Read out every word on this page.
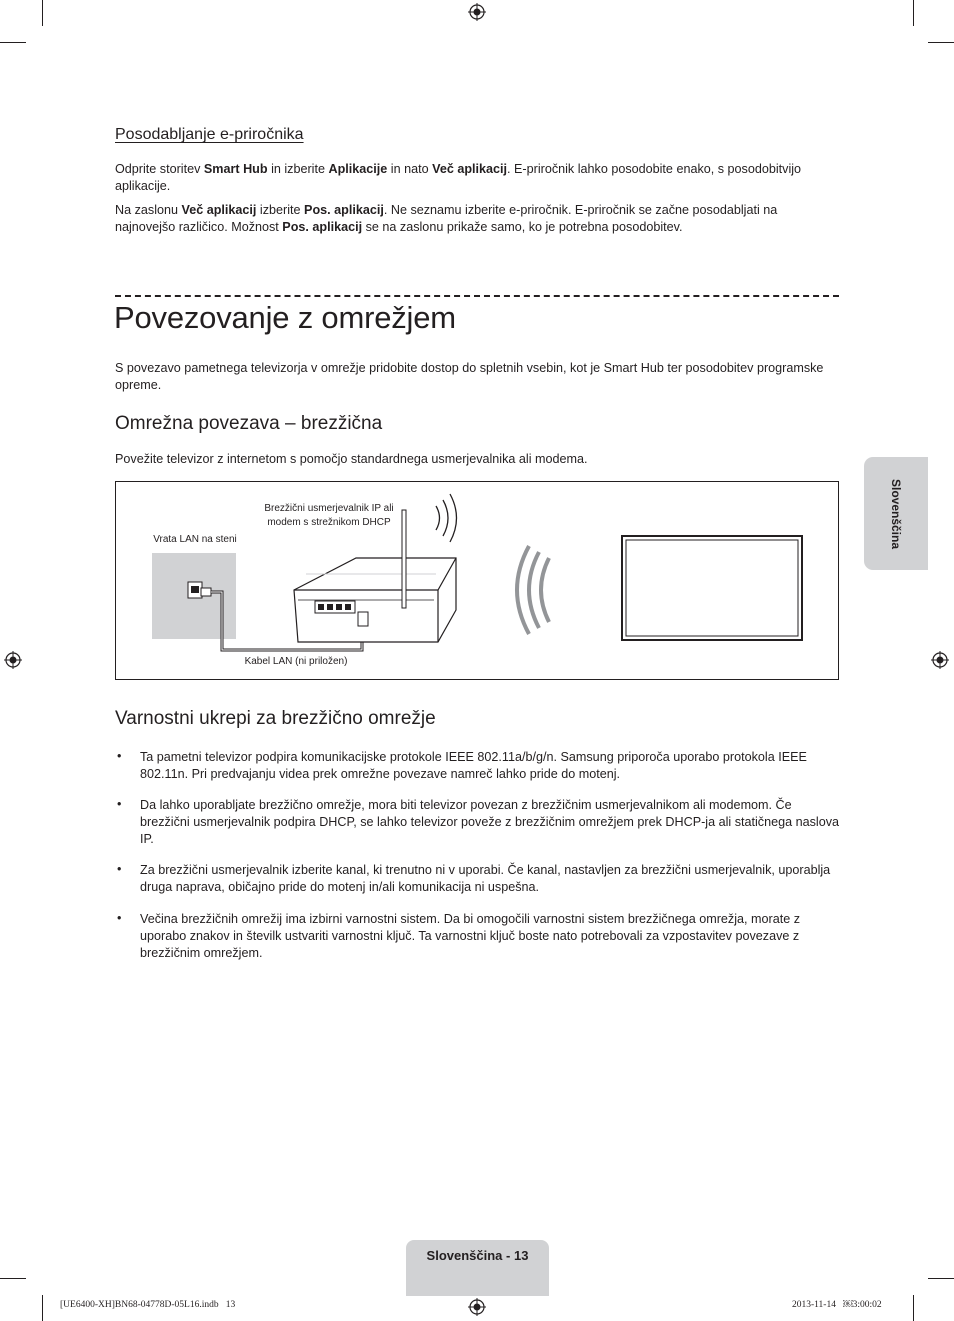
Posodabljanje e-priročnika
Odprite storitev Smart Hub in izberite Aplikacije in nato Več aplikacij. E-priročnik lahko posodobite enako, s posodobitvijo aplikacije.
Na zaslonu Več aplikacij izberite Pos. aplikacij. Ne seznamu izberite e-priročnik. E-priročnik se začne posodabljati na najnovejšo različico. Možnost Pos. aplikacij se na zaslonu prikaže samo, ko je potrebna posodobitev.
Povezovanje z omrežjem
S povezavo pametnega televizorja v omrežje pridobite dostop do spletnih vsebin, kot je Smart Hub ter posodobitev programske opreme.
Omrežna povezava – brezžična
Povežite televizor z internetom s pomočjo standardnega usmerjevalnika ali modema.
Vrata LAN na steni
Brezžični usmerjevalnik IP ali
modem s strežnikom DHCP
Kabel LAN (ni priložen)
Varnostni ukrepi za brezžično omrežje
• Ta pametni televizor podpira komunikacijske protokole IEEE 802.11a/b/g/n. Samsung priporoča uporabo protokola IEEE 802.11n. Pri predvajanju videa prek omrežne povezave namreč lahko pride do motenj.
• Da lahko uporabljate brezžično omrežje, mora biti televizor povezan z brezžičnim usmerjevalnikom ali modemom. Če brezžični usmerjevalnik podpira DHCP, se lahko televizor poveže z brezžičnim omrežjem prek DHCP-ja ali statičnega naslova IP.
• Za brezžični usmerjevalnik izberite kanal, ki trenutno ni v uporabi. Če kanal, nastavljen za brezžični usmerjevalnik, uporablja druga naprava, običajno pride do motenj in/ali komunikacija ni uspešna.
• Večina brezžičnih omrežij ima izbirni varnostni sistem. Da bi omogočili varnostni sistem brezžičnega omrežja, morate z uporabo znakov in številk ustvariti varnostni ključ. Ta varnostni ključ boste nato potrebovali za vzpostavitev povezave z brezžičnim omrežjem.
Slovenščina
Slovenščina - 13
[UE6400-XH]BN68-04778D-05L16.indb   13	2013-11-14   ￼3:00:02
